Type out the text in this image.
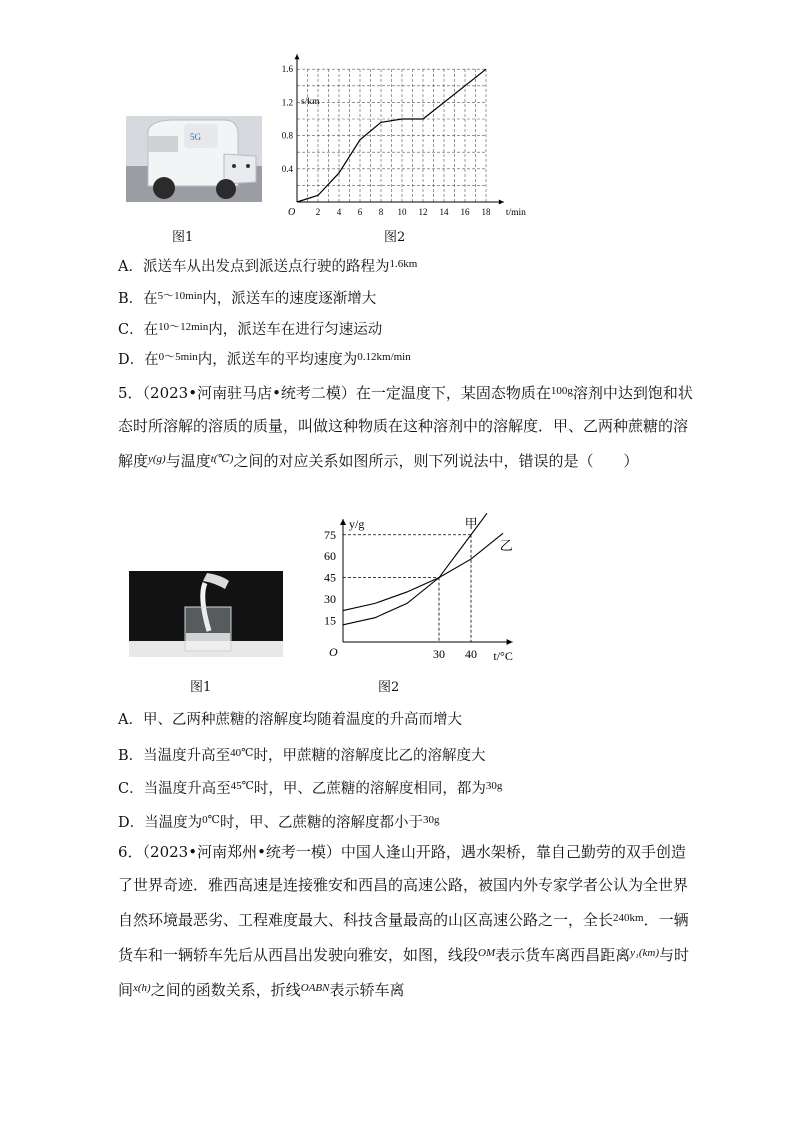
5G
图1
2 4 6 8 10 12 14 16 18
0.4
0.8
1.2
1.6
O	t/min
s/km
图2
A．派送车从出发点到派送点行驶的路程为$^{1.6km}$
B．在$^{5\sim 10min}$内，派送车的速度逐渐增大
C．在$^{10\sim 12min}$内，派送车在进行匀速运动
D．在$^{0\sim 5min}$内，派送车的平均速度为$^{0.12km/min}$
5．（2023•河南驻马店•统考二模）在一定温度下，某固态物质在$^{100g}$溶剂中达到饱和状态时所溶解的溶质的质量，叫做这种物质在这种溶剂中的溶解度．甲、乙两种蔗糖的溶解度$^{y(g)}$与温度$^{t(℃)}$之间的对应关系如图所示，则下列说法中，错误的是（　　）
图1
15
30
45
60
75
30 40
O	t/°C
y/g	甲
乙
图2
A．甲、乙两种蔗糖的溶解度均随着温度的升高而增大
B．当温度升高至$^{40℃}$时，甲蔗糖的溶解度比乙的溶解度大
C．当温度升高至$^{45℃}$时，甲、乙蔗糖的溶解度相同，都为$^{30g}$
D．当温度为$^{0℃}$时，甲、乙蔗糖的溶解度都小于$^{30g}$
6．（2023•河南郑州•统考一模）中国人逢山开路，遇水架桥，靠自己勤劳的双手创造了世界奇迹．雅西高速是连接雅安和西昌的高速公路，被国内外专家学者公认为全世界自然环境最恶劣、工程难度最大、科技含量最高的山区高速公路之一，全长$^{240km}$．一辆货车和一辆轿车先后从西昌出发驶向雅安，如图，线段$^{OM}$表示货车离西昌距离$^{y_1(km)}$与时间$^{x(h)}$之间的函数关系，折线$^{OABN}$表示轿车离
